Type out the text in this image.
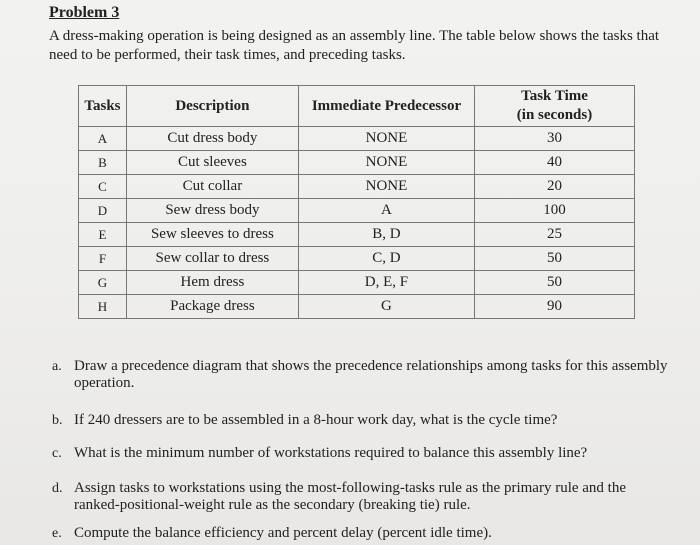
Problem 3

A dress-making operation is being designed as an assembly line. The table below shows the tasks that need to be performed, their task times, and preceding tasks.

Tasks	Description	Immediate Predecessor	Task Time
(in seconds)
A	Cut dress body	NONE	30
B	Cut sleeves	NONE	40
C	Cut collar	NONE	20
D	Sew dress body	A	100
E	Sew sleeves to dress	B, D	25
F	Sew collar to dress	C, D	50
G	Hem dress	D, E, F	50
H	Package dress	G	90
a. Draw a precedence diagram that shows the precedence relationships among tasks for this assembly operation.
b. If 240 dressers are to be assembled in a 8-hour work day, what is the cycle time?
c. What is the minimum number of workstations required to balance this assembly line?
d. Assign tasks to workstations using the most-following-tasks rule as the primary rule and the ranked-positional-weight rule as the secondary (breaking tie) rule.
e. Compute the balance efficiency and percent delay (percent idle time).
